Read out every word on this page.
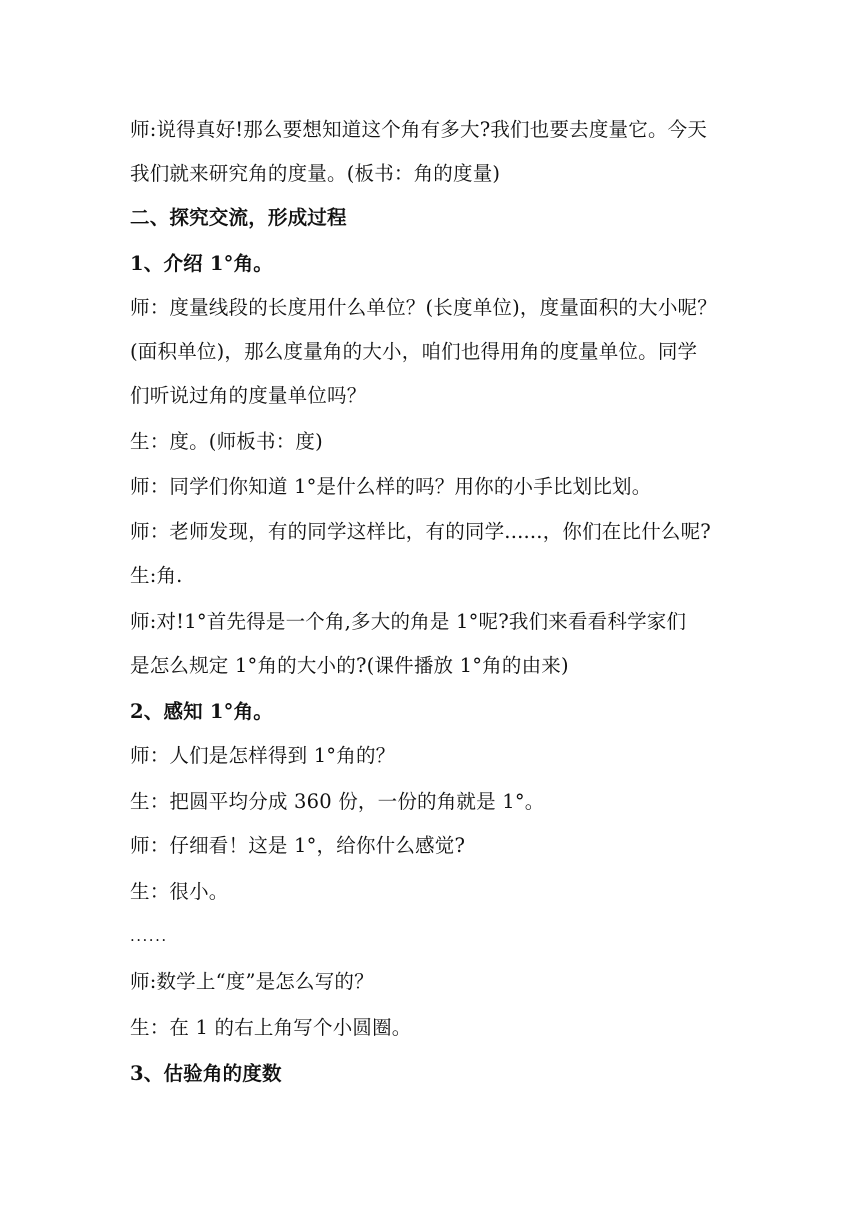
师:说得真好!那么要想知道这个角有多大?我们也要去度量它。今天
我们就来研究角的度量。(板书：角的度量)
二、探究交流，形成过程
1、介绍 1°角。
师：度量线段的长度用什么单位？(长度单位)，度量面积的大小呢？
(面积单位)，那么度量角的大小，咱们也得用角的度量单位。同学
们听说过角的度量单位吗？
生：度。(师板书：度)
师：同学们你知道 1°是什么样的吗？用你的小手比划比划。
师：老师发现，有的同学这样比，有的同学......，你们在比什么呢?
生:角.
师:对!1°首先得是一个角,多大的角是 1°呢?我们来看看科学家们
是怎么规定 1°角的大小的?(课件播放 1°角的由来)
2、感知 1°角。
师：人们是怎样得到 1°角的？
生：把圆平均分成 360 份，一份的角就是 1°。
师：仔细看！这是 1°，给你什么感觉?
生：很小。
......
师:数学上“度”是怎么写的？
生：在 1 的右上角写个小圆圈。
3、估验角的度数
